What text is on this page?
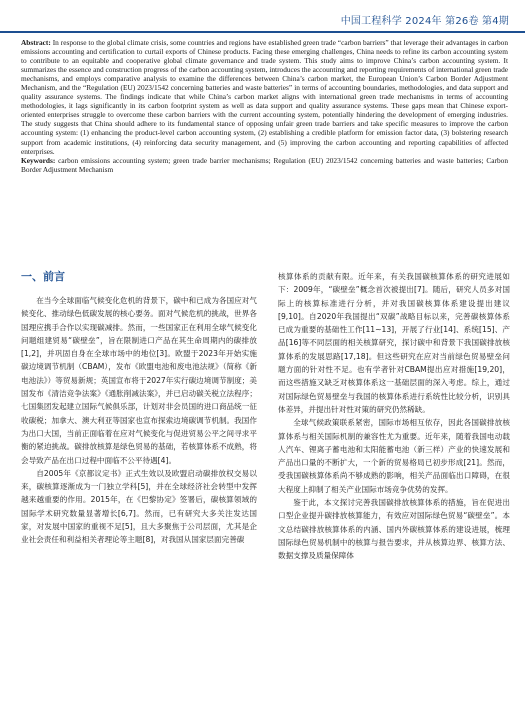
中国工程科学 2024年 第26卷 第4期
Abstract: In response to the global climate crisis, some countries and regions have established green trade “carbon barriers” that leverage their advantages in carbon emissions accounting and certification to curtail exports of Chinese products. Facing these emerging challenges, China needs to refine its carbon accounting system to contribute to an equitable and cooperative global climate governance and trade system. This study aims to improve China’s carbon accounting system. It summarizes the essence and construction progress of the carbon accounting system, introduces the accounting and reporting requirements of international green trade mechanisms, and employs comparative analysis to examine the differences between China’s carbon market, the European Union’s Carbon Border Adjustment Mechanism, and the “Regulation (EU) 2023/1542 concerning batteries and waste batteries” in terms of accounting boundaries, methodologies, and data support and quality assurance systems. The findings indicate that while China’s carbon market aligns with international green trade mechanisms in terms of accounting methodologies, it lags significantly in its carbon footprint system as well as data support and quality assurance systems. These gaps mean that Chinese export-oriented enterprises struggle to overcome these carbon barriers with the current accounting system, potentially hindering the development of emerging industries. The study suggests that China should adhere to its fundamental stance of opposing unfair green trade barriers and take specific measures to improve the carbon accounting system: (1) enhancing the product-level carbon accounting system, (2) establishing a credible platform for emission factor data, (3) bolstering research support from academic institutions, (4) reinforcing data security management, and (5) improving the carbon accounting and reporting capabilities of affected enterprises.
Keywords: carbon emissions accounting system; green trade barrier mechanisms; Regulation (EU) 2023/1542 concerning batteries and waste batteries; Carbon Border Adjustment Mechanism
一、前言

在当今全球面临气候变化危机的背景下，碳中和已成为各国应对气候变化、推动绿色低碳发展的核心要务。面对气候危机的挑战，世界各国理应携手合作以实现碳减排。然而，一些国家正在利用全球气候变化问题组建贸易“碳壁垒”，旨在限制进口产品在其生命周期内的碳排放[1,2]，并巩固自身在全球市场中的地位[3]。欧盟于2023年开始实施碳边境调节机制（CBAM），发布《欧盟电池和废电池法规》（简称《新电池法》）等贸易新规；英国宣布将于2027年实行碳边境调节制度；美国发布《清洁竞争法案》《通胀削减法案》，并已启动碳关税立法程序；七国集团发起建立国际气候俱乐部，计划对非会员国的进口商品统一征收碳税；加拿大、澳大利亚等国家也宣布探索边境碳调节机制。我国作为出口大国，当前正面临着在应对气候变化与促进贸易公平之间寻求平衡的紧迫挑战。碳排放核算是绿色贸易的基础，若核算体系不成熟，将会导致产品在出口过程中面临不公平待遇[4]。

自2005年《京都议定书》正式生效以及欧盟启动碳排放权交易以来，碳核算逐渐成为一门独立学科[5]，并在全球经济社会转型中发挥越来越重要的作用。2015年，在《巴黎协定》签署后，碳核算领域的国际学术研究数量显著增长[6,7]。然而，已有研究大多关注发达国家，对发展中国家的重视不足[5]，且大多聚焦于公司层面，尤其是企业社会责任和利益相关者理论等主题[8]，对我国从国家层面完善碳

核算体系的贡献有限。近年来，有关我国碳核算体系的研究进展如下：2009年，“碳壁垒”概念首次被提出[7]。随后，研究人员多对国际上的核算标准进行分析，并对我国碳核算体系建设提出建议[9,10]。自2020年我国提出“双碳”战略目标以来，完善碳核算体系已成为重要的基础性工作[11~13]，开展了行业[14]、系统[15]、产品[16]等不同层面的相关核算研究，探讨碳中和背景下我国碳排放核算体系的发展思路[17,18]。但这些研究在应对当前绿色贸易壁垒问题方面的针对性不足。也有学者针对CBAM提出应对措施[19,20]，而这些措施又缺乏对核算体系这一基础层面的深入考虑。综上，通过对国际绿色贸易壁垒与我国的核算体系进行系统性比较分析，识别具体差异，并提出针对性对策的研究仍然稀缺。

全球气候政策联系紧密，国际市场相互依存，因此各国碳排放核算体系与相关国际机制的兼容性尤为重要。近年来，随着我国电动载人汽车、锂离子蓄电池和太阳能蓄电池（新三样）产业的快速发展和产品出口量的不断扩大，一个新的贸易格局已初步形成[21]。然而，受我国碳核算体系尚不够成熟的影响，相关产品面临出口障碍，在很大程度上抑制了相关产业国际市场竞争优势的发挥。

鉴于此，本文探讨完善我国碳排放核算体系的措施，旨在促进出口型企业提升碳排放核算能力，有效应对国际绿色贸易“碳壁垒”。本文总结碳排放核算体系的内涵、国内外碳核算体系的建设进展，梳理国际绿色贸易机制中的核算与报告要求，并从核算边界、核算方法、数据支撑及质量保障体
